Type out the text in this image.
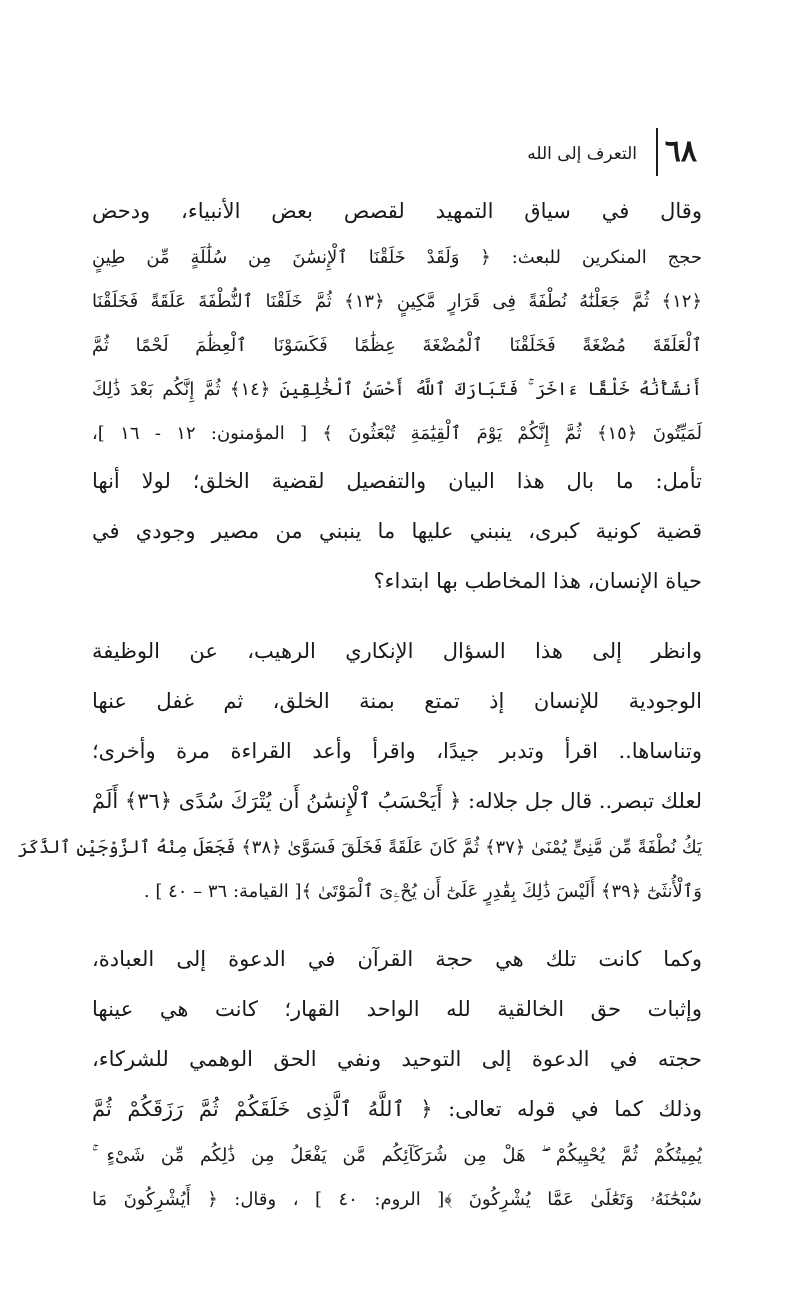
٦٨
التعرف إلى الله
وقال في سياق التمهيد لقصص بعض الأنبياء، ودحض
حجج المنكرين للبعث: ﴿ وَلَقَدْ خَلَقْنَا ٱلْإِنسَٰنَ مِن سُلَٰلَةٍ مِّن طِينٍ
﴿١٢﴾ ثُمَّ جَعَلْنَٰهُ نُطْفَةً فِى قَرَارٍ مَّكِينٍ ﴿١٣﴾ ثُمَّ خَلَقْنَا ٱلنُّطْفَةَ عَلَقَةً فَخَلَقْنَا
ٱلْعَلَقَةَ مُضْغَةً فَخَلَقْنَا ٱلْمُضْغَةَ عِظَٰمًا فَكَسَوْنَا ٱلْعِظَٰمَ لَحْمًا ثُمَّ
أَنشَأْنَٰهُ خَلْقًا ءَاخَرَ ۚ فَتَبَارَكَ ٱللَّهُ أَحْسَنُ ٱلْخَٰلِقِينَ ﴿١٤﴾ ثُمَّ إِنَّكُم بَعْدَ ذَٰلِكَ
لَمَيِّتُونَ ﴿١٥﴾ ثُمَّ إِنَّكُمْ يَوْمَ ٱلْقِيَٰمَةِ تُبْعَثُونَ ﴾ [ المؤمنون: ١٢ - ١٦ ]،
تأمل: ما بال هذا البيان والتفصيل لقضية الخلق؛ لولا أنها
قضية كونية كبرى، ينبني عليها ما ينبني من مصير وجودي في
حياة الإنسان، هذا المخاطب بها ابتداء؟
وانظر إلى هذا السؤال الإنكاري الرهيب، عن الوظيفة
الوجودية للإنسان إذ تمتع بمنة الخلق، ثم غفل عنها
وتناساها.. اقرأ وتدبر جيدًا، واقرأ وأعد القراءة مرة وأخرى؛
لعلك تبصر.. قال جل جلاله: ﴿ أَيَحْسَبُ ٱلْإِنسَٰنُ أَن يُتْرَكَ سُدًى ﴿٣٦﴾ أَلَمْ
يَكُ نُطْفَةً مِّن مَّنِىٍّ يُمْنَىٰ ﴿٣٧﴾ ثُمَّ كَانَ عَلَقَةً فَخَلَقَ فَسَوَّىٰ ﴿٣٨﴾ فَجَعَلَ مِنْهُ ٱلزَّوْجَيْنِ ٱلذَّكَرَ
وَٱلْأُنثَىٰٓ ﴿٣٩﴾ أَلَيْسَ ذَٰلِكَ بِقَٰدِرٍ عَلَىٰٓ أَن يُحْۦِىَ ٱلْمَوْتَىٰ ﴾[ القيامة: ٣٦ – ٤٠ ] .
وكما كانت تلك هي حجة القرآن في الدعوة إلى العبادة،
وإثبات حق الخالقية لله الواحد القهار؛ كانت هي عينها
حجته في الدعوة إلى التوحيد ونفي الحق الوهمي للشركاء،
وذلك كما في قوله تعالى: ﴿ ٱللَّهُ ٱلَّذِى خَلَقَكُمْ ثُمَّ رَزَقَكُمْ ثُمَّ
يُمِيتُكُمْ ثُمَّ يُحْيِيكُمْ ۖ هَلْ مِن شُرَكَآئِكُم مَّن يَفْعَلُ مِن ذَٰلِكُم مِّن شَىْءٍ ۚ
سُبْحَٰنَهُۥ وَتَعَٰلَىٰ عَمَّا يُشْرِكُونَ ﴾[ الروم: ٤٠ ] ، وقال: ﴿ أَيُشْرِكُونَ مَا
